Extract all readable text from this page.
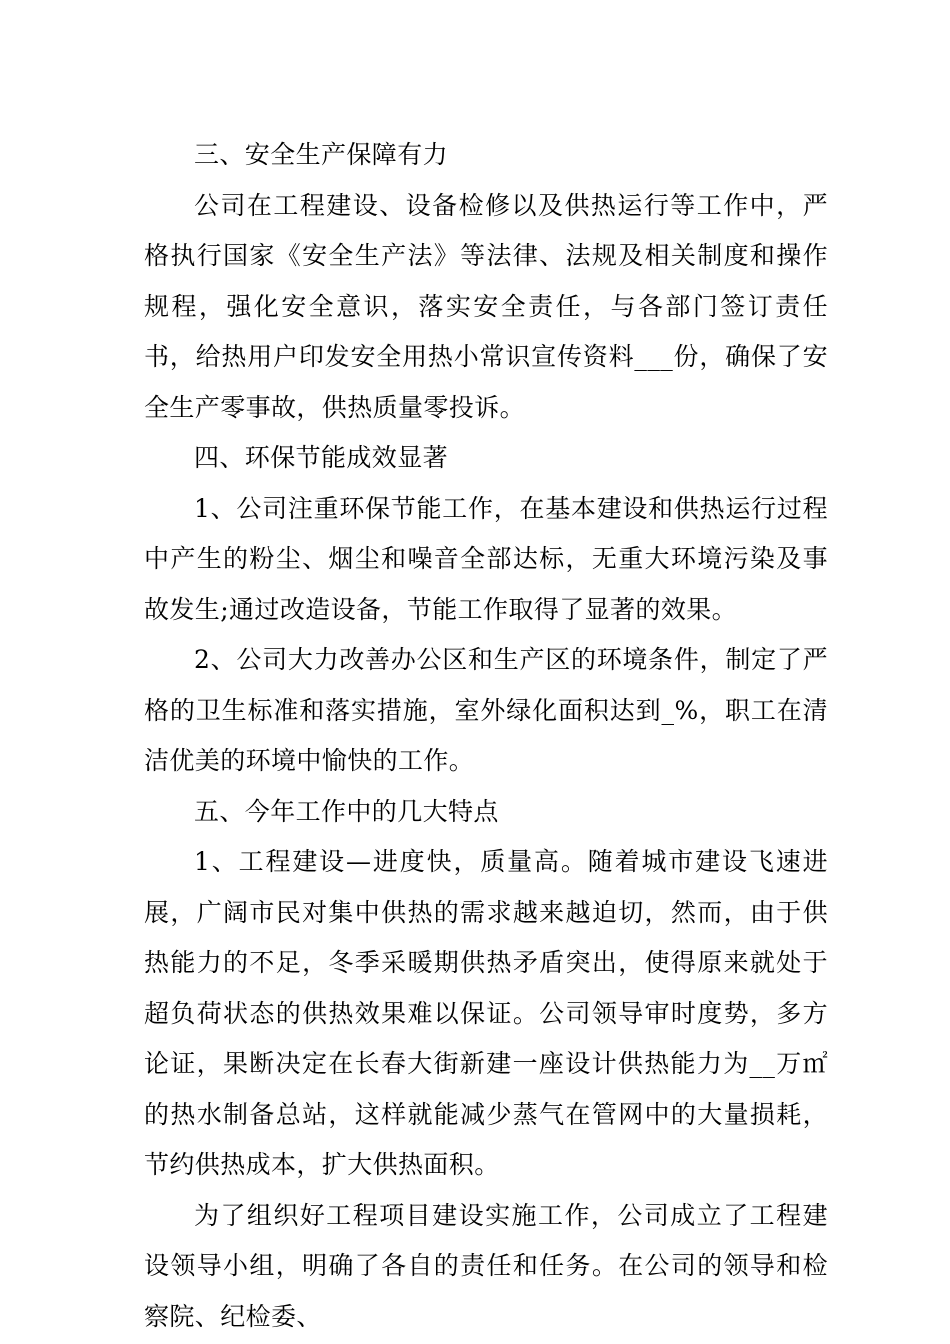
三、安全生产保障有力

公司在工程建设、设备检修以及供热运行等工作中，严格执行国家《安全生产法》等法律、法规及相关制度和操作规程，强化安全意识，落实安全责任，与各部门签订责任书，给热用户印发安全用热小常识宣传资料___份，确保了安全生产零事故，供热质量零投诉。

四、环保节能成效显著

1、公司注重环保节能工作，在基本建设和供热运行过程中产生的粉尘、烟尘和噪音全部达标，无重大环境污染及事故发生;通过改造设备，节能工作取得了显著的效果。

2、公司大力改善办公区和生产区的环境条件，制定了严格的卫生标准和落实措施，室外绿化面积达到_%，职工在清洁优美的环境中愉快的工作。

五、今年工作中的几大特点

1、工程建设—进度快，质量高。随着城市建设飞速进展，广阔市民对集中供热的需求越来越迫切，然而，由于供热能力的不足，冬季采暖期供热矛盾突出，使得原来就处于超负荷状态的供热效果难以保证。公司领导审时度势，多方论证，果断决定在长春大街新建一座设计供热能力为__万㎡的热水制备总站，这样就能减少蒸气在管网中的大量损耗，节约供热成本，扩大供热面积。

为了组织好工程项目建设实施工作，公司成立了工程建设领导小组，明确了各自的责任和任务。在公司的领导和检察院、纪检委、
